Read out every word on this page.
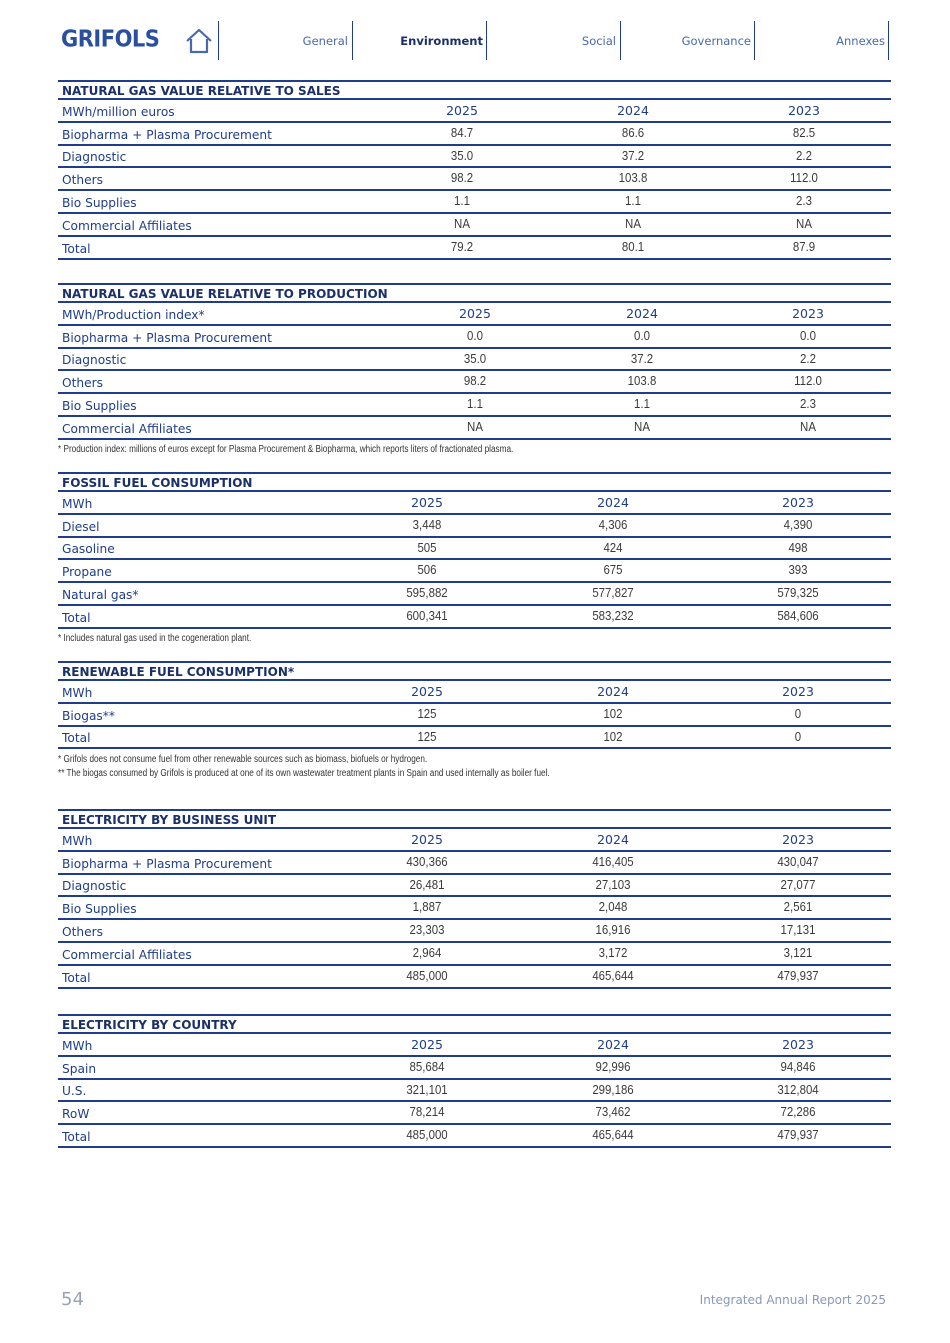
GRIFOLS	General	Environment	Social	Governance	Annexes
NATURAL GAS VALUE RELATIVE TO SALES
MWh/million euros	2025	2024	2023
Biopharma + Plasma Procurement	84.7	86.6	82.5
Diagnostic	35.0	37.2	2.2
Others	98.2	103.8	112.0
Bio Supplies	1.1	1.1	2.3
Commercial Affiliates	NA	NA	NA
Total	79.2	80.1	87.9
NATURAL GAS VALUE RELATIVE TO PRODUCTION
MWh/Production index*	2025	2024	2023
Biopharma + Plasma Procurement	0.0	0.0	0.0
Diagnostic	35.0	37.2	2.2
Others	98.2	103.8	112.0
Bio Supplies	1.1	1.1	2.3
Commercial Affiliates	NA	NA	NA
* Production index: millions of euros except for Plasma Procurement & Biopharma, which reports liters of fractionated plasma.
FOSSIL FUEL CONSUMPTION
MWh	2025	2024	2023
Diesel	3,448	4,306	4,390
Gasoline	505	424	498
Propane	506	675	393
Natural gas*	595,882	577,827	579,325
Total	600,341	583,232	584,606
* Includes natural gas used in the cogeneration plant.
RENEWABLE FUEL CONSUMPTION*
MWh	2025	2024	2023
Biogas**	125	102	0
Total	125	102	0
* Grifols does not consume fuel from other renewable sources such as biomass, biofuels or hydrogen.
** The biogas consumed by Grifols is produced at one of its own wastewater treatment plants in Spain and used internally as boiler fuel.
ELECTRICITY BY BUSINESS UNIT
MWh	2025	2024	2023
Biopharma + Plasma Procurement	430,366	416,405	430,047
Diagnostic	26,481	27,103	27,077
Bio Supplies	1,887	2,048	2,561
Others	23,303	16,916	17,131
Commercial Affiliates	2,964	3,172	3,121
Total	485,000	465,644	479,937
ELECTRICITY BY COUNTRY
MWh	2025	2024	2023
Spain	85,684	92,996	94,846
U.S.	321,101	299,186	312,804
RoW	78,214	73,462	72,286
Total	485,000	465,644	479,937
54	Integrated Annual Report 2025
